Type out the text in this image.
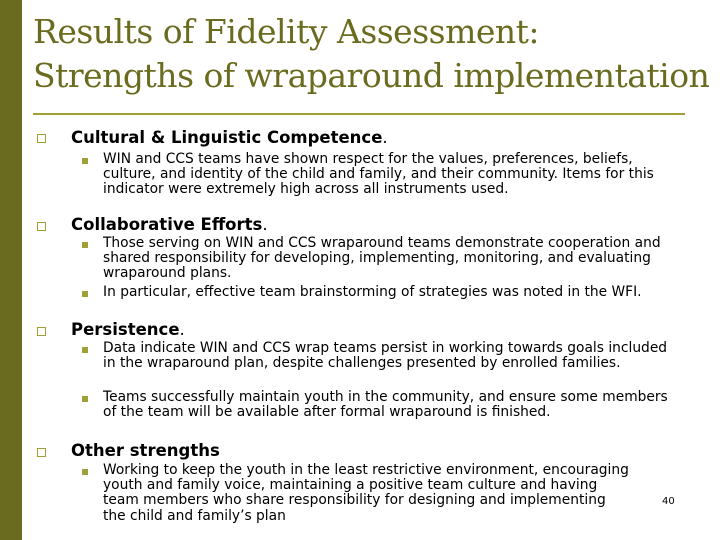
Results of Fidelity Assessment:
Strengths of wraparound implementation
Cultural & Linguistic Competence.
WIN and CCS teams have shown respect for the values, preferences, beliefs, culture, and identity of the child and family, and their community. Items for this indicator were extremely high across all instruments used.
Collaborative Efforts.
Those serving on WIN and CCS wraparound teams demonstrate cooperation and shared responsibility for developing, implementing, monitoring, and evaluating wraparound plans.
In particular, effective team brainstorming of strategies was noted in the WFI.
Persistence.
Data indicate WIN and CCS wrap teams persist in working towards goals included in the wraparound plan, despite challenges presented by enrolled families.
Teams successfully maintain youth in the community, and ensure some members of the team will be available after formal wraparound is finished.
Other strengths
Working to keep the youth in the least restrictive environment, encouraging youth and family voice, maintaining a positive team culture and having team members who share responsibility for designing and implementing the child and family’s plan
40
